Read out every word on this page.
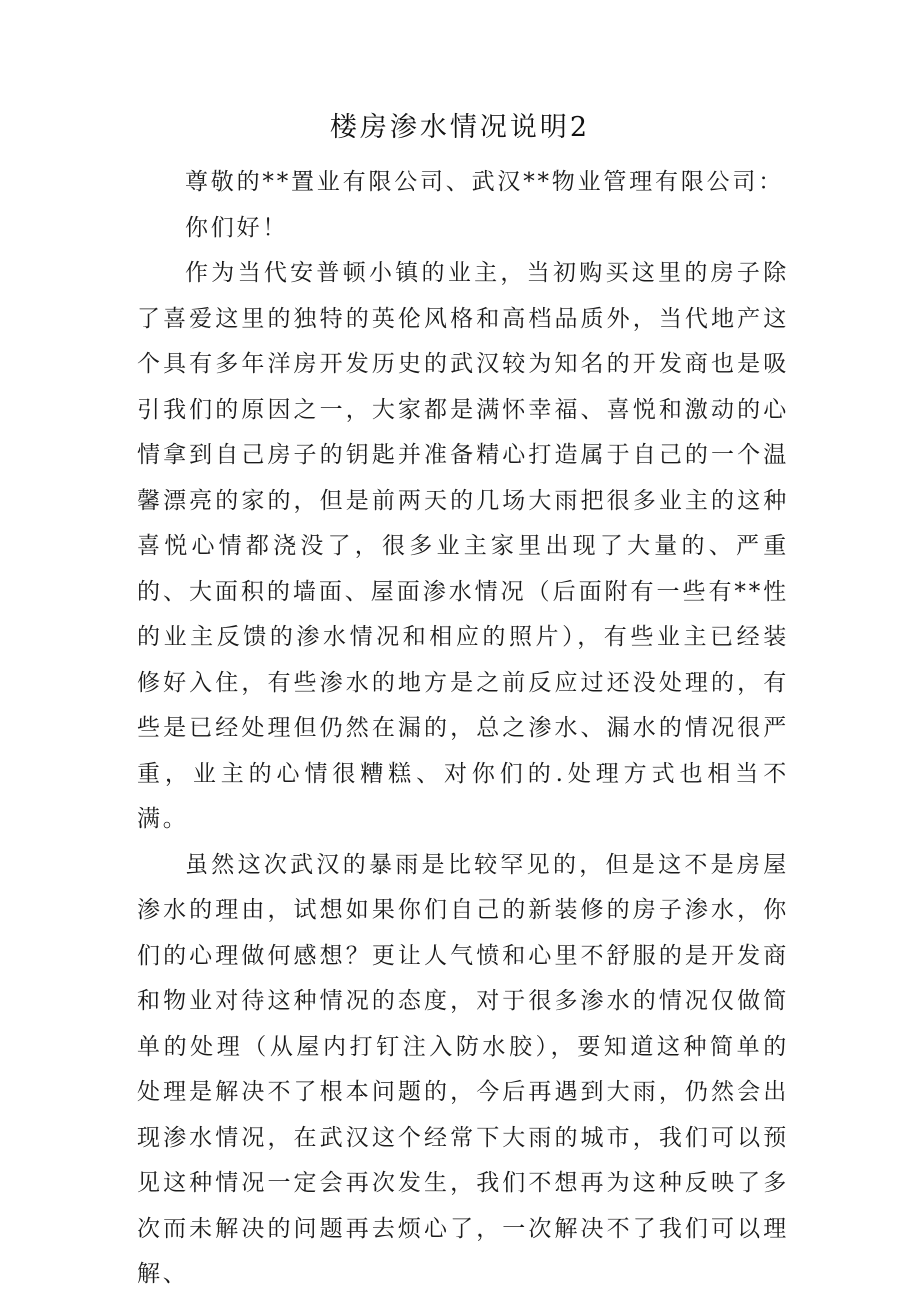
楼房渗水情况说明2

尊敬的**置业有限公司、武汉**物业管理有限公司：

你们好！

作为当代安普顿小镇的业主，当初购买这里的房子除了喜爱这里的独特的英伦风格和高档品质外，当代地产这个具有多年洋房开发历史的武汉较为知名的开发商也是吸引我们的原因之一，大家都是满怀幸福、喜悦和激动的心情拿到自己房子的钥匙并准备精心打造属于自己的一个温馨漂亮的家的，但是前两天的几场大雨把很多业主的这种喜悦心情都浇没了，很多业主家里出现了大量的、严重的、大面积的墙面、屋面渗水情况（后面附有一些有**性的业主反馈的渗水情况和相应的照片），有些业主已经装修好入住，有些渗水的地方是之前反应过还没处理的，有些是已经处理但仍然在漏的，总之渗水、漏水的情况很严重，业主的心情很糟糕、对你们的.处理方式也相当不满。

虽然这次武汉的暴雨是比较罕见的，但是这不是房屋渗水的理由，试想如果你们自己的新装修的房子渗水，你们的心理做何感想？更让人气愤和心里不舒服的是开发商和物业对待这种情况的态度，对于很多渗水的情况仅做简单的处理（从屋内打钉注入防水胶），要知道这种简单的处理是解决不了根本问题的，今后再遇到大雨，仍然会出现渗水情况，在武汉这个经常下大雨的城市，我们可以预见这种情况一定会再次发生，我们不想再为这种反映了多次而未解决的问题再去烦心了，一次解决不了我们可以理解、
